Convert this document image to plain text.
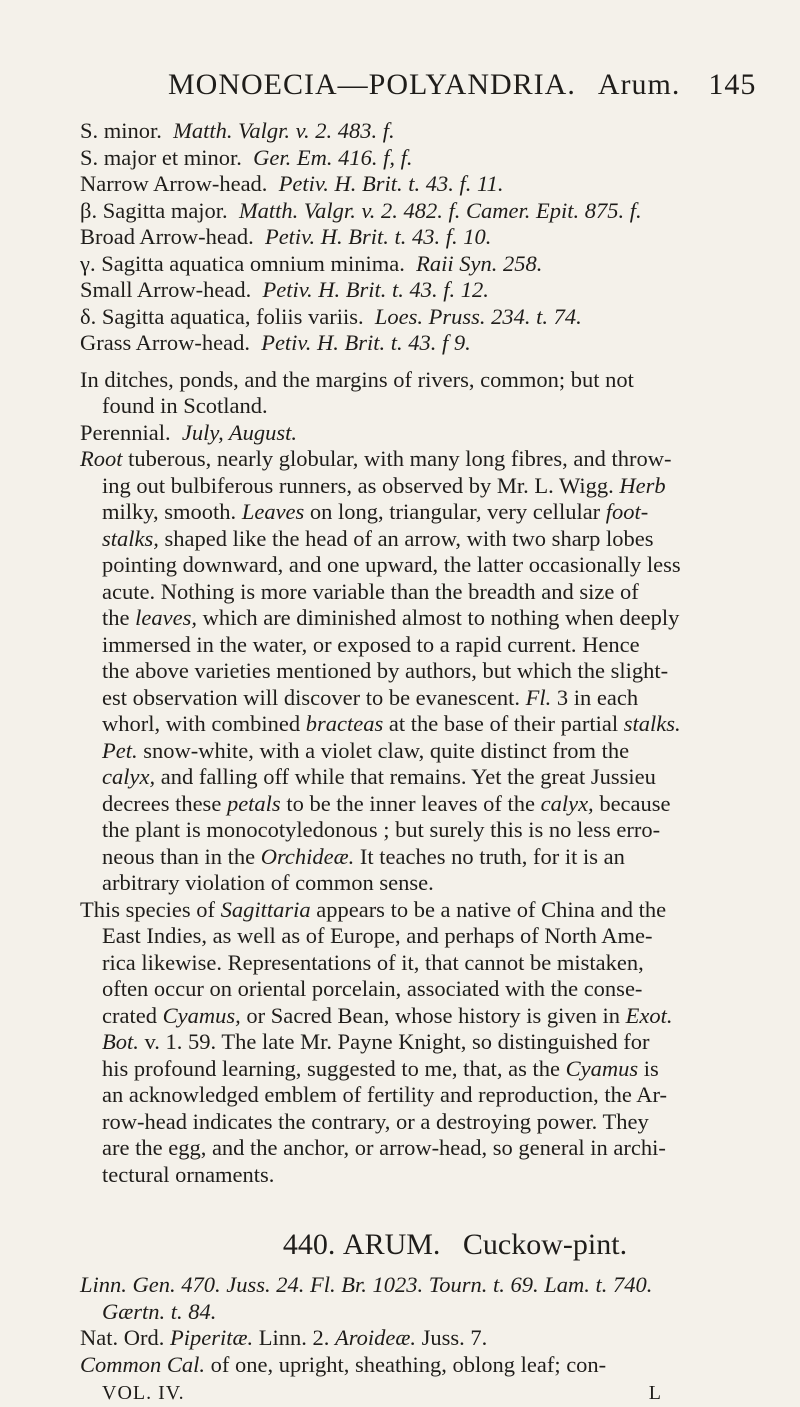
MONOECIA—POLYANDRIA. Arum. 145
S. minor. Matth. Valgr. v. 2. 483. f.
S. major et minor. Ger. Em. 416. f, f.
Narrow Arrow-head. Petiv. H. Brit. t. 43. f. 11.
β. Sagitta major. Matth. Valgr. v. 2. 482. f. Camer. Epit. 875. f.
Broad Arrow-head. Petiv. H. Brit. t. 43. f. 10.
γ. Sagitta aquatica omnium minima. Raii Syn. 258.
Small Arrow-head. Petiv. H. Brit. t. 43. f. 12.
δ. Sagitta aquatica, foliis variis. Loes. Pruss. 234. t. 74.
Grass Arrow-head. Petiv. H. Brit. t. 43. f 9.
In ditches, ponds, and the margins of rivers, common; but not
found in Scotland.
Perennial. July, August.
Root tuberous, nearly globular, with many long fibres, and throw-
ing out bulbiferous runners, as observed by Mr. L. Wigg. Herb
milky, smooth. Leaves on long, triangular, very cellular foot-
stalks, shaped like the head of an arrow, with two sharp lobes
pointing downward, and one upward, the latter occasionally less
acute. Nothing is more variable than the breadth and size of
the leaves, which are diminished almost to nothing when deeply
immersed in the water, or exposed to a rapid current. Hence
the above varieties mentioned by authors, but which the slight-
est observation will discover to be evanescent. Fl. 3 in each
whorl, with combined bracteas at the base of their partial stalks.
Pet. snow-white, with a violet claw, quite distinct from the
calyx, and falling off while that remains. Yet the great Jussieu
decrees these petals to be the inner leaves of the calyx, because
the plant is monocotyledonous ; but surely this is no less erro-
neous than in the Orchideæ. It teaches no truth, for it is an
arbitrary violation of common sense.
This species of Sagittaria appears to be a native of China and the
East Indies, as well as of Europe, and perhaps of North Ame-
rica likewise. Representations of it, that cannot be mistaken,
often occur on oriental porcelain, associated with the conse-
crated Cyamus, or Sacred Bean, whose history is given in Exot.
Bot. v. 1. 59. The late Mr. Payne Knight, so distinguished for
his profound learning, suggested to me, that, as the Cyamus is
an acknowledged emblem of fertility and reproduction, the Ar-
row-head indicates the contrary, or a destroying power. They
are the egg, and the anchor, or arrow-head, so general in archi-
tectural ornaments.
440. ARUM. Cuckow-pint.
Linn. Gen. 470. Juss. 24. Fl. Br. 1023. Tourn. t. 69. Lam. t. 740.
Gærtn. t. 84.
Nat. Ord. Piperitæ. Linn. 2. Aroideæ. Juss. 7.
Common Cal. of one, upright, sheathing, oblong leaf; con-
VOL. IV.	L
